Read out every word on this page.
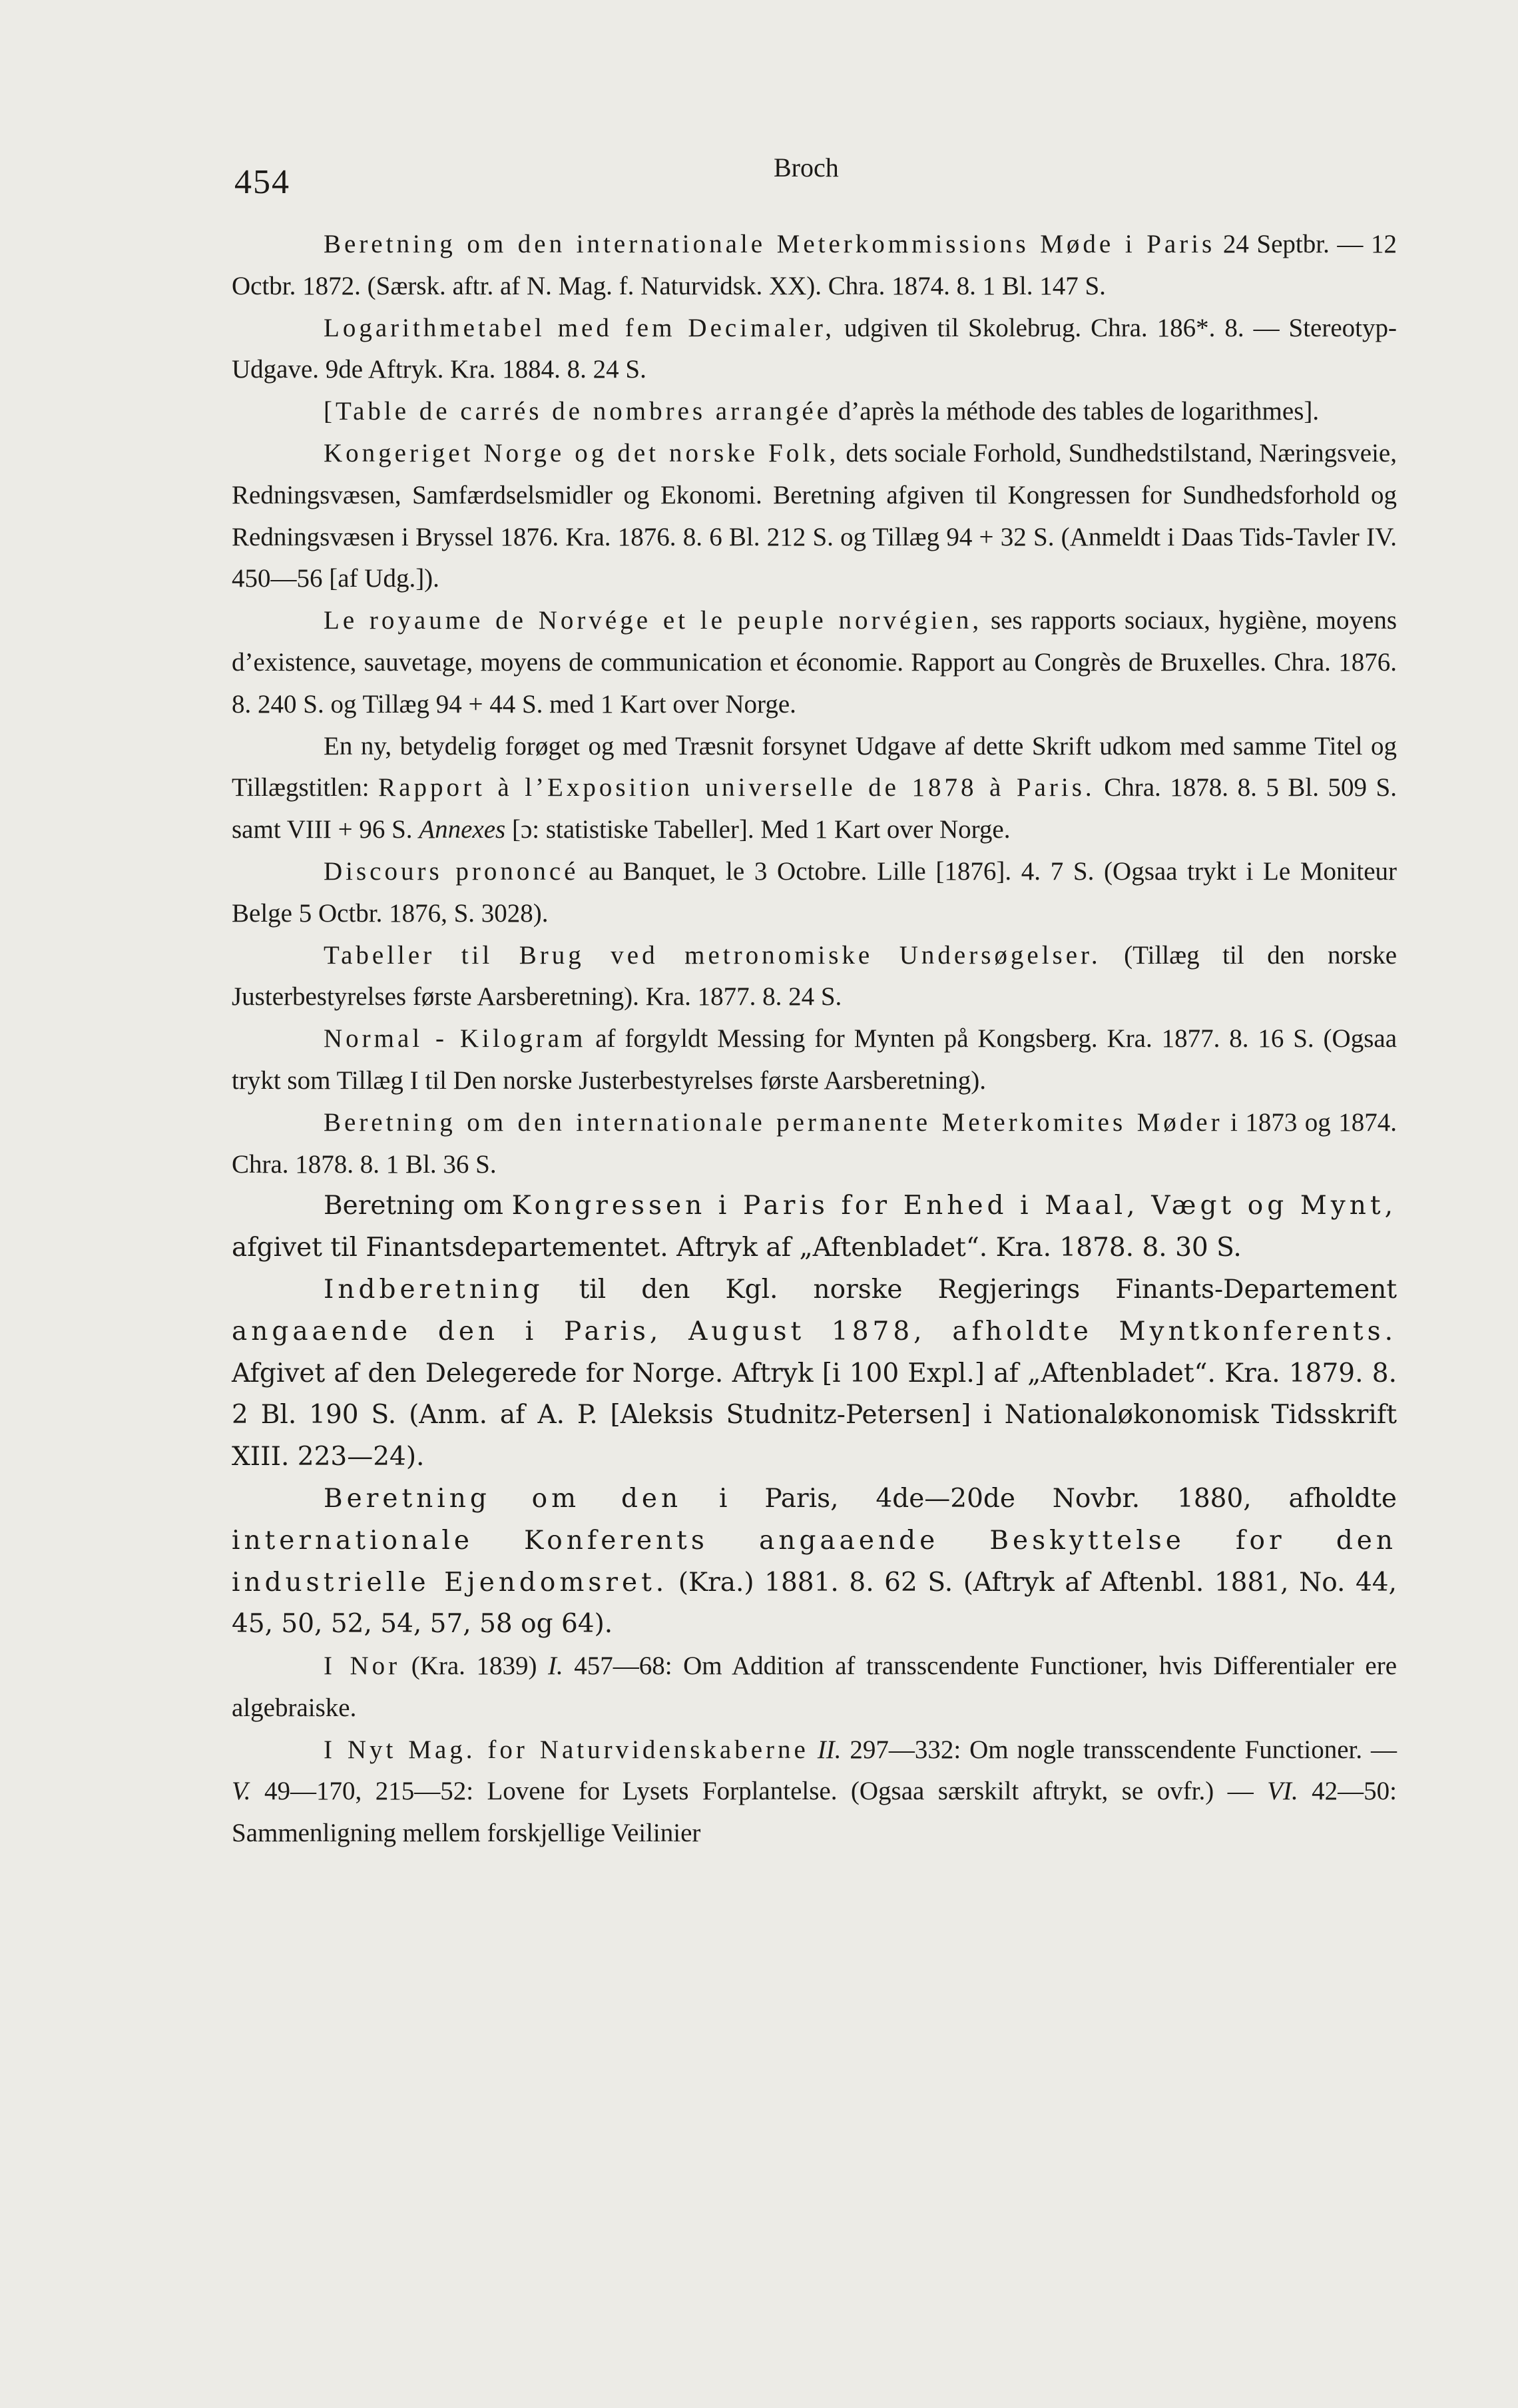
454	Broch

Beretning om den internationale Meterkommissions Møde i Paris 24 Septbr. — 12 Octbr. 1872. (Særsk. aftr. af N. Mag. f. Naturvidsk. XX). Chra. 1874. 8. 1 Bl. 147 S.

Logarithmetabel med fem Decimaler, udgiven til Skolebrug. Chra. 186*. 8. — Stereotyp-Udgave. 9de Aftryk. Kra. 1884. 8. 24 S.

[Table de carrés de nombres arrangée d’après la méthode des tables de logarithmes].

Kongeriget Norge og det norske Folk, dets sociale Forhold, Sundhedstilstand, Næringsveie, Redningsvæsen, Samfærdselsmidler og Ekonomi. Beretning afgiven til Kongressen for Sundhedsforhold og Redningsvæsen i Bryssel 1876. Kra. 1876. 8. 6 Bl. 212 S. og Tillæg 94 + 32 S. (Anmeldt i Daas Tids-Tavler IV. 450—56 [af Udg.]).

Le royaume de Norvége et le peuple norvégien, ses rapports sociaux, hygiène, moyens d’existence, sauvetage, moyens de communication et économie. Rapport au Congrès de Bruxelles. Chra. 1876. 8. 240 S. og Tillæg 94 + 44 S. med 1 Kart over Norge.

En ny, betydelig forøget og med Træsnit forsynet Udgave af dette Skrift udkom med samme Titel og Tillægstitlen: Rapport à l’Exposition universelle de 1878 à Paris. Chra. 1878. 8. 5 Bl. 509 S. samt VIII + 96 S. Annexes [ɔ: statistiske Tabeller]. Med 1 Kart over Norge.

Discours prononcé au Banquet, le 3 Octobre. Lille [1876]. 4. 7 S. (Ogsaa trykt i Le Moniteur Belge 5 Octbr. 1876, S. 3028).

Tabeller til Brug ved metronomiske Undersøgelser. (Tillæg til den norske Justerbestyrelses første Aarsberetning). Kra. 1877. 8. 24 S.

Normal - Kilogram af forgyldt Messing for Mynten på Kongsberg. Kra. 1877. 8. 16 S. (Ogsaa trykt som Tillæg I til Den norske Justerbestyrelses første Aarsberetning).

Beretning om den internationale permanente Meterkomites Møder i 1873 og 1874. Chra. 1878. 8. 1 Bl. 36 S.

Beretning om Kongressen i Paris for Enhed i Maal, Vægt og Mynt, afgivet til Finantsdepartementet. Aftryk af „Aftenbladet“. Kra. 1878. 8. 30 S.

Indberetning til den Kgl. norske Regjerings Finants-Departement angaaende den i Paris, August 1878, afholdte Myntkonferents. Afgivet af den Delegerede for Norge. Aftryk [i 100 Expl.] af „Aftenbladet“. Kra. 1879. 8. 2 Bl. 190 S. (Anm. af A. P. [Aleksis Studnitz-Petersen] i Nationaløkonomisk Tidsskrift XIII. 223—24).

Beretning om den i Paris, 4de—20de Novbr. 1880, afholdte internationale Konferents angaaende Beskyttelse for den industrielle Ejendomsret. (Kra.) 1881. 8. 62 S. (Aftryk af Aftenbl. 1881, No. 44, 45, 50, 52, 54, 57, 58 og 64).

I Nor (Kra. 1839) I. 457—68: Om Addition af transscendente Functioner, hvis Differentialer ere algebraiske.

I Nyt Mag. for Naturvidenskaberne II. 297—332: Om nogle transscendente Functioner. — V. 49—170, 215—52: Lovene for Lysets Forplantelse. (Ogsaa særskilt aftrykt, se ovfr.) — VI. 42—50: Sammenligning mellem forskjellige Veilinier
